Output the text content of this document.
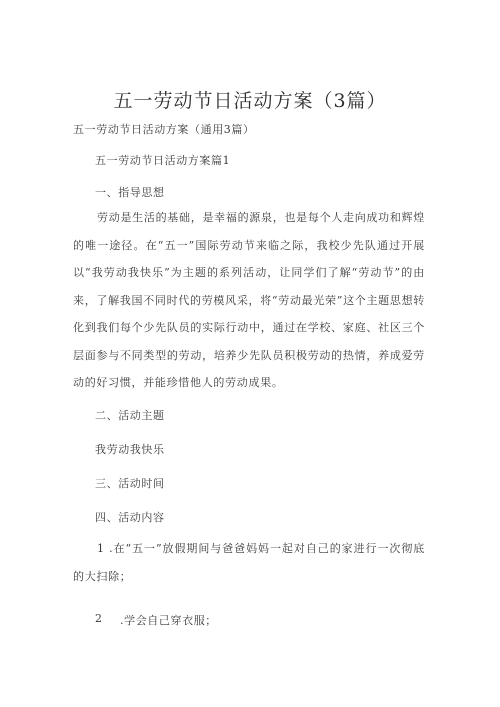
五一劳动节日活动方案（3篇）
五一劳动节日活动方案（通用3篇）
五一劳动节日活动方案篇1
一、指导思想
劳动是生活的基础，是幸福的源泉，也是每个人走向成功和辉煌的唯一途径。在“五一”国际劳动节来临之际，我校少先队通过开展以“我劳动我快乐”为主题的系列活动，让同学们了解“劳动节”的由来，了解我国不同时代的劳模风采，将“劳动最光荣”这个主题思想转化到我们每个少先队员的实际行动中，通过在学校、家庭、社区三个层面参与不同类型的劳动，培养少先队员积极劳动的热情，养成爱劳动的好习惯，并能珍惜他人的劳动成果。
二、活动主题
我劳动我快乐
三、活动时间
四、活动内容
1 .在“五一”放假期间与爸爸妈妈一起对自己的家进行一次彻底的大扫除；
2 .学会自己穿衣服；
